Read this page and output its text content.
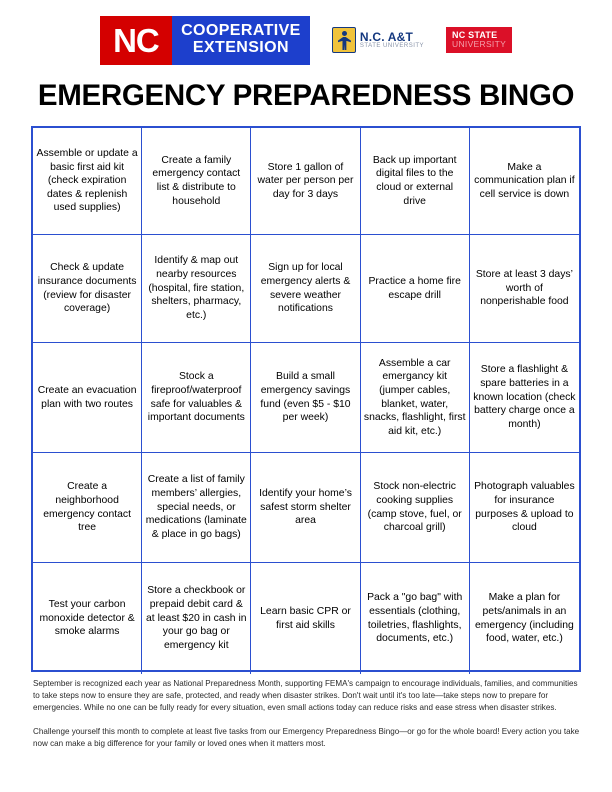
NC COOPERATIVE
EXTENSION
N.C. A&T
STATE UNIVERSITY
NC STATE
UNIVERSITY
EMERGENCY PREPAREDNESS BINGO
Assemble or update a basic first aid kit (check expiration dates & replenish used supplies)
Create a family emergency contact list & distribute to household
Store 1 gallon of water per person per day for 3 days
Back up important digital files to the cloud or external drive
Make a communication plan if cell service is down
Check & update insurance documents (review for disaster coverage)
Identify & map out nearby resources (hospital, fire station, shelters, pharmacy, etc.)
Sign up for local emergency alerts & severe weather notifications
Practice a home fire escape drill
Store at least 3 days’ worth of nonperishable food
Create an evacuation plan with two routes
Stock a fireproof/waterproof safe for valuables & important documents
Build a small emergency savings fund (even $5 - $10 per week)
Assemble a car emergancy kit (jumper cables, blanket, water, snacks, flashlight, first aid kit, etc.)
Store a flashlight & spare batteries in a known location (check battery charge once a month)
Create a neighborhood emergency contact tree
Create a list of family members’ allergies, special needs, or medications (laminate & place in go bags)
Identify your home’s safest storm shelter area
Stock non-electric cooking supplies (camp stove, fuel, or charcoal grill)
Photograph valuables for insurance purposes & upload to cloud
Test your carbon monoxide detector & smoke alarms
Store a checkbook or prepaid debit card & at least $20 in cash in your go bag or emergency kit
Learn basic CPR or first aid skills
Pack a "go bag" with essentials (clothing, toiletries, flashlights, documents, etc.)
Make a plan for pets/animals in an emergency (including food, water, etc.)

September is recognized each year as National Preparedness Month, supporting FEMA's campaign to encourage individuals, families, and communities to take steps now to ensure they are safe, protected, and ready when disaster strikes. Don't wait until it's too late—take steps now to prepare for emergencies. While no one can be fully ready for every situation, even small actions today can reduce risks and ease stress when disaster strikes.

Challenge yourself this month to complete at least five tasks from our Emergency Preparedness Bingo—or go for the whole board! Every action you take now can make a big difference for your family or loved ones when it matters most.
